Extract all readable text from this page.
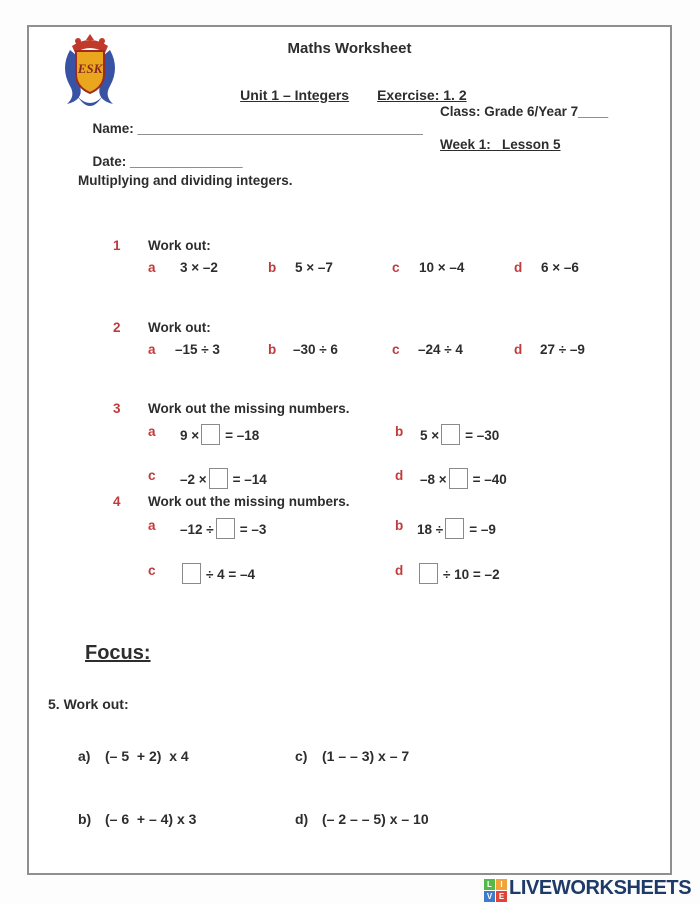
ESK
Maths Worksheet

Unit 1 – Integers Exercise: 1. 2

Name: ______________________________________

Class: Grade 6/Year 7____

Date: _______________

Week 1:   Lesson 5
Multiplying and dividing integers.
1 Work out:
a 3 × –2	b 5 × –7	c 10 × –4	d 6 × –6
2 Work out:
a –15 ÷ 3	b –30 ÷ 6	c –24 ÷ 4	d 27 ÷ –9
3 Work out the missing numbers.
a 9 × = –18	b 5 × = –30
c –2 × = –14	d –8 × = –40
4 Work out the missing numbers.
a –12 ÷ = –3	b 18 ÷ = –9
c	÷ 4 = –4	d	÷ 10 = –2
Focus:
5. Work out:
a) (– 5  + 2)  x 4	c) (1 – – 3) x – 7
b) (– 6  + – 4) x 3	d) (– 2 – – 5) x – 10
L	I
V E LIVEWORKSHEETS
